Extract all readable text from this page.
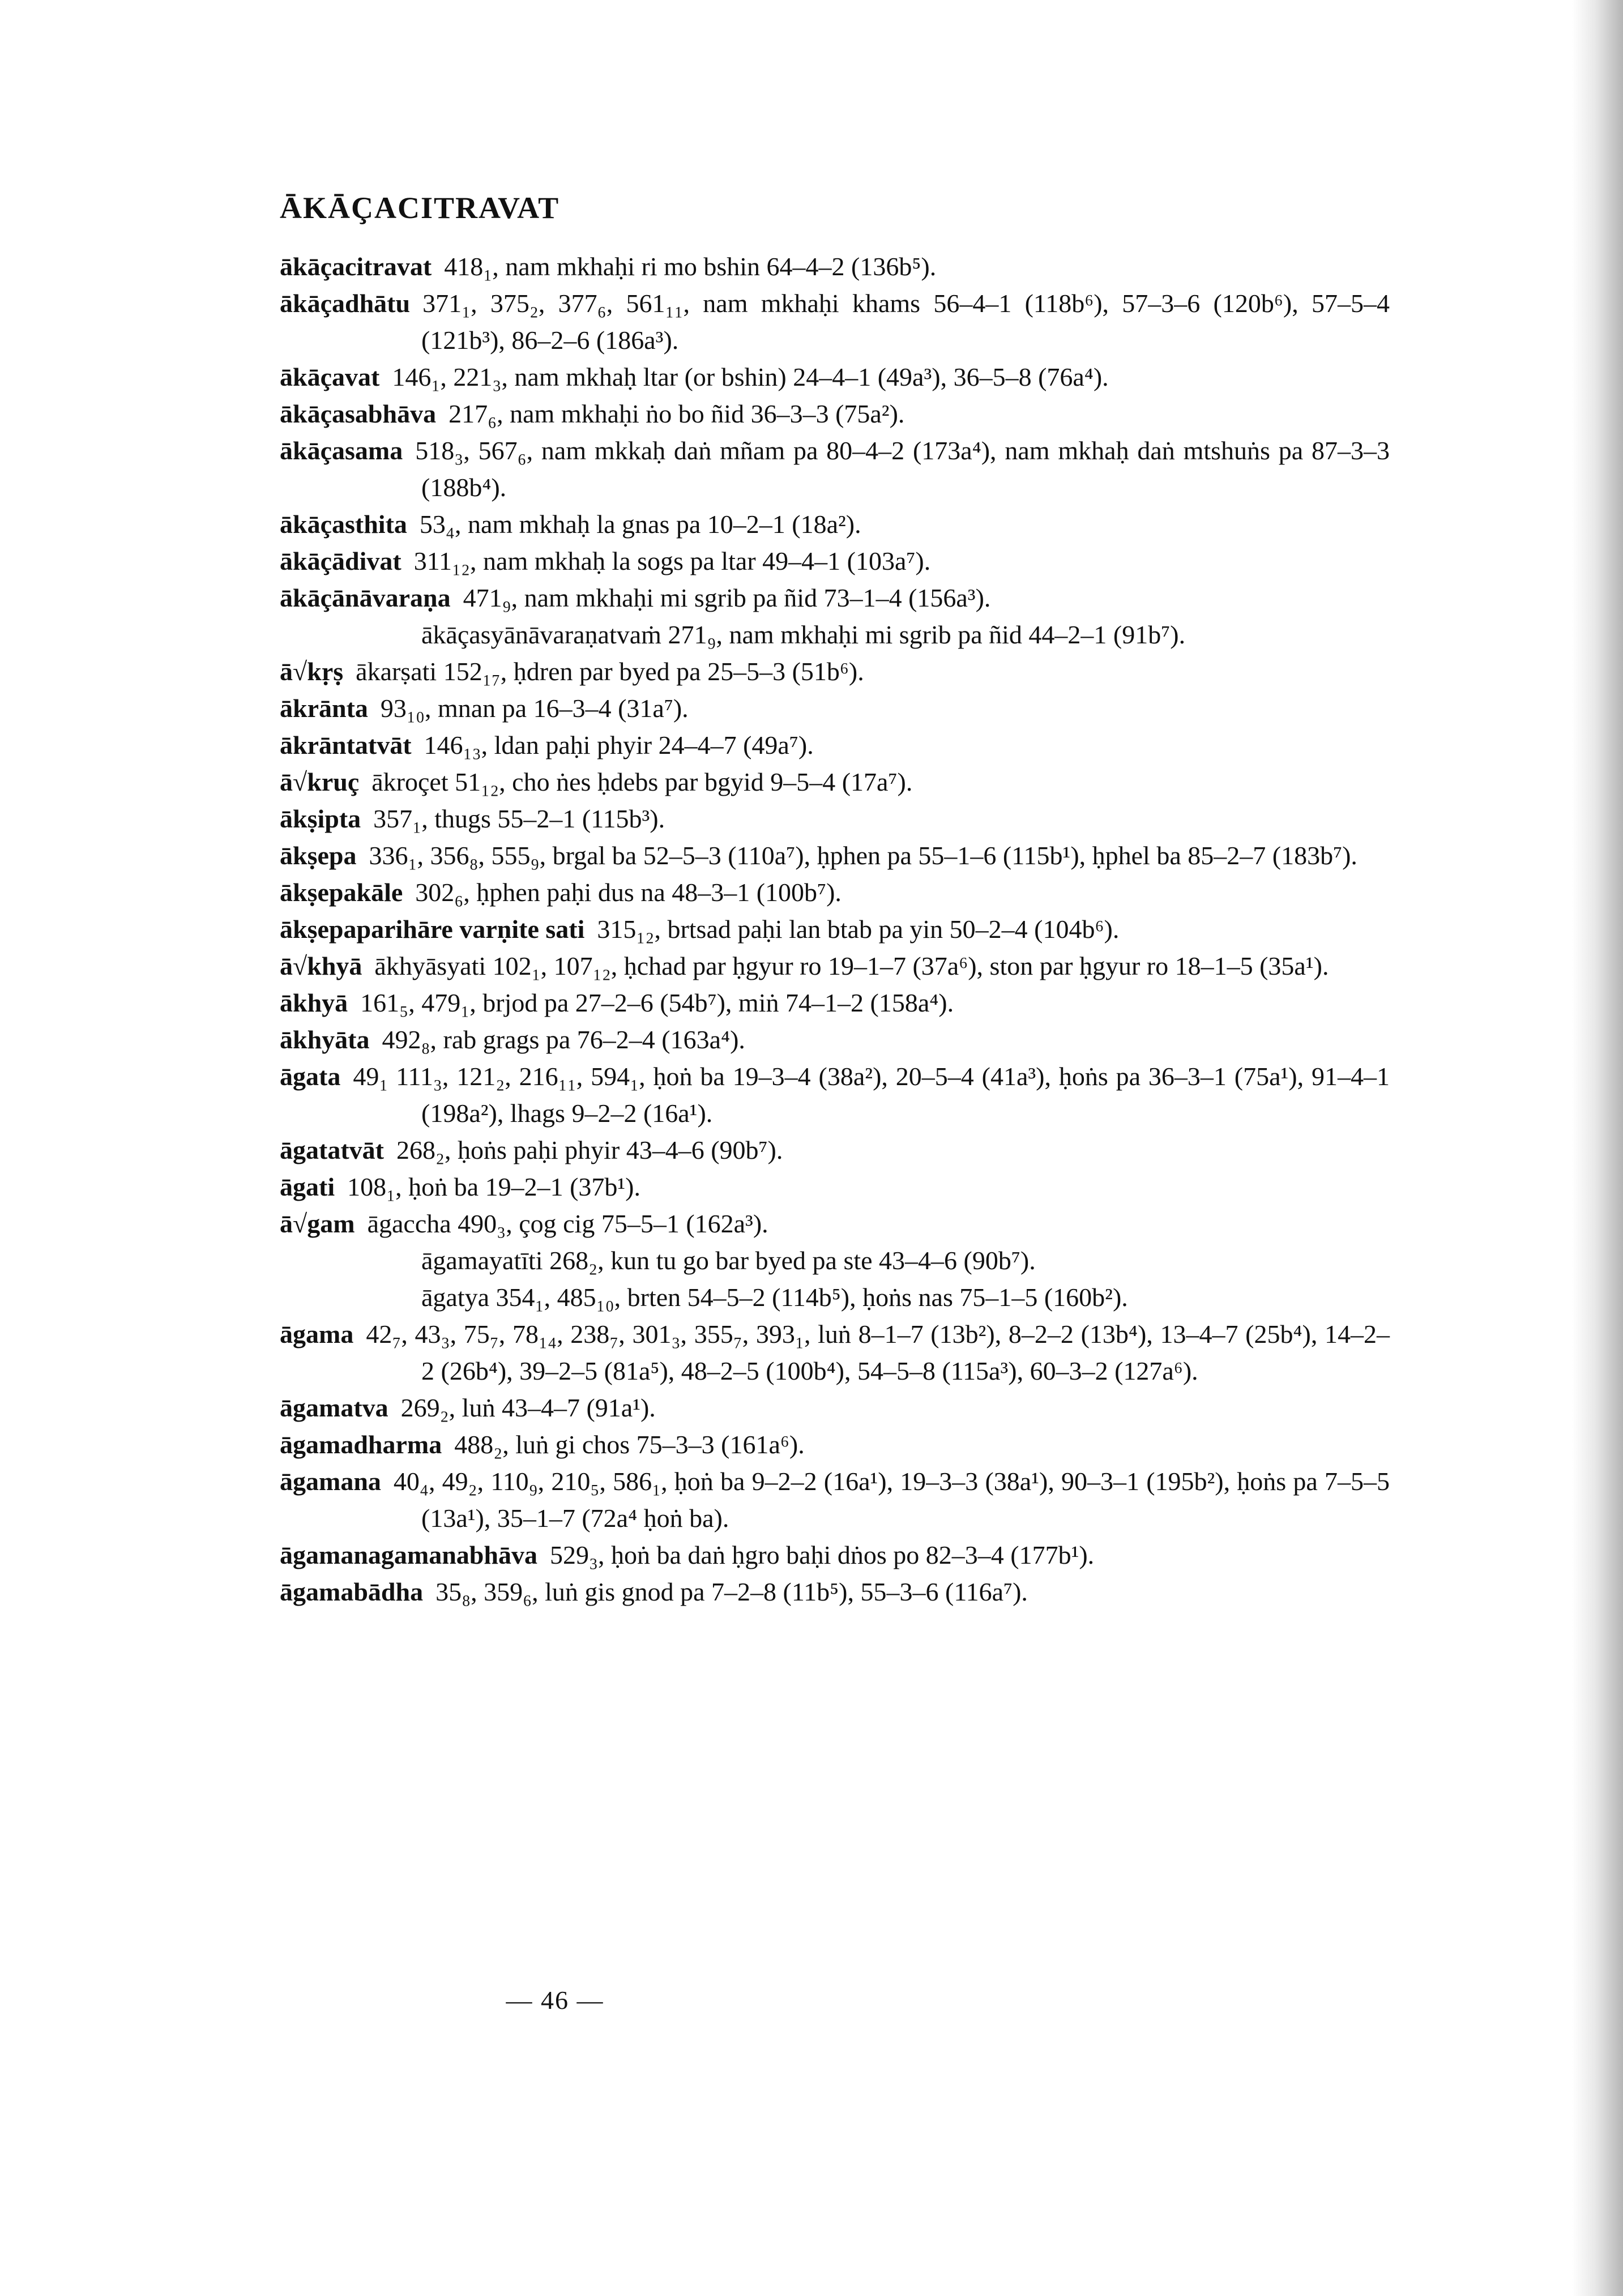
ĀKĀÇACITRAVAT

ākāçacitravat 418₁, nam mkhaḥi ri mo bshin 64–4–2 (136b⁵).

ākāçadhātu 371₁, 375₂, 377₆, 561₁₁, nam mkhaḥi khams 56–4–1 (118b⁶), 57–3–6 (120b⁶), 57–5–4 (121b³), 86–2–6 (186a³).

ākāçavat 146₁, 221₃, nam mkhaḥ ltar (or bshin) 24–4–1 (49a³), 36–5–8 (76a⁴).

ākāçasabhāva 217₆, nam mkhaḥi ṅo bo ñid 36–3–3 (75a²).

ākāçasama 518₃, 567₆, nam mkkaḥ daṅ mñam pa 80–4–2 (173a⁴), nam mkhaḥ daṅ mtshuṅs pa 87–3–3 (188b⁴).

ākāçasthita 53₄, nam mkhaḥ la gnas pa 10–2–1 (18a²).

ākāçādivat 311₁₂, nam mkhaḥ la sogs pa ltar 49–4–1 (103a⁷).

ākāçānāvaraṇa 471₉, nam mkhaḥi mi sgrib pa ñid 73–1–4 (156a³).

ākāçasyānāvaraṇatvaṁ 271₉, nam mkhaḥi mi sgrib pa ñid 44–2–1 (91b⁷).

ā√kṛṣ ākarṣati 152₁₇, ḥdren par byed pa 25–5–3 (51b⁶).

ākrānta 93₁₀, mnan pa 16–3–4 (31a⁷).

ākrāntatvāt 146₁₃, ldan paḥi phyir 24–4–7 (49a⁷).

ā√kruç ākroçet 51₁₂, cho ṅes ḥdebs par bgyid 9–5–4 (17a⁷).

ākṣipta 357₁, thugs 55–2–1 (115b³).

ākṣepa 336₁, 356₈, 555₉, brgal ba 52–5–3 (110a⁷), ḥphen pa 55–1–6 (115b¹), ḥphel ba 85–2–7 (183b⁷).

ākṣepakāle 302₆, ḥphen paḥi dus na 48–3–1 (100b⁷).

ākṣepaparihāre varṇite sati 315₁₂, brtsad paḥi lan btab pa yin 50–2–4 (104b⁶).

ā√khyā ākhyāsyati 102₁, 107₁₂, ḥchad par ḥgyur ro 19–1–7 (37a⁶), ston par ḥgyur ro 18–1–5 (35a¹).

ākhyā 161₅, 479₁, brjod pa 27–2–6 (54b⁷), miṅ 74–1–2 (158a⁴).

ākhyāta 492₈, rab grags pa 76–2–4 (163a⁴).

āgata 49₁ 111₃, 121₂, 216₁₁, 594₁, ḥoṅ ba 19–3–4 (38a²), 20–5–4 (41a³), ḥoṅs pa 36–3–1 (75a¹), 91–4–1 (198a²), lhags 9–2–2 (16a¹).

āgatatvāt 268₂, ḥoṅs paḥi phyir 43–4–6 (90b⁷).

āgati 108₁, ḥoṅ ba 19–2–1 (37b¹).

ā√gam āgaccha 490₃, çog cig 75–5–1 (162a³).

āgamayatīti 268₂, kun tu go bar byed pa ste 43–4–6 (90b⁷).

āgatya 354₁, 485₁₀, brten 54–5–2 (114b⁵), ḥoṅs nas 75–1–5 (160b²).

āgama 42₇, 43₃, 75₇, 78₁₄, 238₇, 301₃, 355₇, 393₁, luṅ 8–1–7 (13b²), 8–2–2 (13b⁴), 13–4–7 (25b⁴), 14–2–2 (26b⁴), 39–2–5 (81a⁵), 48–2–5 (100b⁴), 54–5–8 (115a³), 60–3–2 (127a⁶).

āgamatva 269₂, luṅ 43–4–7 (91a¹).

āgamadharma 488₂, luṅ gi chos 75–3–3 (161a⁶).

āgamana 40₄, 49₂, 110₉, 210₅, 586₁, ḥoṅ ba 9–2–2 (16a¹), 19–3–3 (38a¹), 90–3–1 (195b²), ḥoṅs pa 7–5–5 (13a¹), 35–1–7 (72a⁴ ḥoṅ ba).

āgamanagamanabhāva 529₃, ḥoṅ ba daṅ ḥgro baḥi dṅos po 82–3–4 (177b¹).

āgamabādha 35₈, 359₆, luṅ gis gnod pa 7–2–8 (11b⁵), 55–3–6 (116a⁷).

— 46 —
